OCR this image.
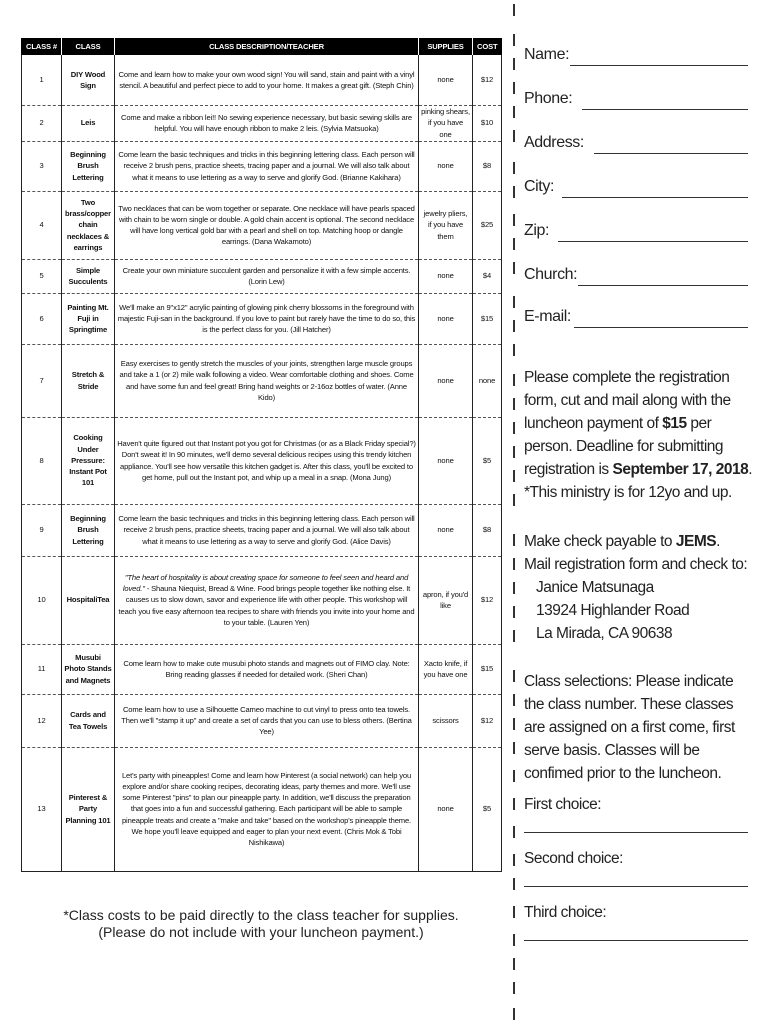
CLASS #	CLASS	CLASS DESCRIPTION/TEACHER	SUPPLIES	COST
1	DIY Wood Sign	Come and learn how to make your own wood sign! You will sand, stain and paint with a vinyl stencil. A beautiful and perfect piece to add to your home. It makes a great gift. (Steph Chin)	none	$12
2	Leis	Come and make a ribbon lei!! No sewing experience necessary, but basic sewing skills are helpful. You will have enough ribbon to make 2 leis. (Sylvia Matsuoka)	pinking shears, if you have one	$10
3	Beginning Brush Lettering	Come learn the basic techniques and tricks in this beginning lettering class. Each person will receive 2 brush pens, practice sheets, tracing paper and a journal. We will also talk about what it means to use lettering as a way to serve and glorify God. (Brianne Kakihara)	none	$8
4	Two brass/copper chain necklaces & earrings	Two necklaces that can be worn together or separate. One necklace will have pearls spaced with chain to be worn single or double. A gold chain accent is optional. The second necklace will have long vertical gold bar with a pearl and shell on top. Matching hoop or dangle earrings. (Dana Wakamoto)	jewelry pliers, if you have them	$25
5	Simple Succulents	Create your own miniature succulent garden and personalize it with a few simple accents. (Lorin Lew)	none	$4
6	Painting Mt. Fuji in Springtime	We'll make an 9"x12" acrylic painting of glowing pink cherry blossoms in the foreground with majestic Fuji-san in the background. If you love to paint but rarely have the time to do so, this is the perfect class for you. (Jill Hatcher)	none	$15
7	Stretch & Stride	Easy exercises to gently stretch the muscles of your joints, strengthen large muscle groups and take a 1 (or 2) mile walk following a video. Wear comfortable clothing and shoes. Come and have some fun and feel great! Bring hand weights or 2-16oz bottles of water. (Anne Kido)	none	none
8	Cooking Under Pressure: Instant Pot 101	Haven't quite figured out that Instant pot you got for Christmas (or as a Black Friday special?) Don't sweat it! In 90 minutes, we'll demo several delicious recipes using this trendy kitchen appliance. You'll see how versatile this kitchen gadget is. After this class, you'll be excited to get home, pull out the Instant pot, and whip up a meal in a snap. (Mona Jung)	none	$5
9	Beginning Brush Lettering	Come learn the basic techniques and tricks in this beginning lettering class. Each person will receive 2 brush pens, practice sheets, tracing paper and a journal. We will also talk about what it means to use lettering as a way to serve and glorify God. (Alice Davis)	none	$8
10	HospitaliTea	"The heart of hospitality is about creating space for someone to feel seen and heard and loved." - Shauna Niequist, Bread & Wine. Food brings people together like nothing else. It causes us to slow down, savor and experience life with other people. This workshop will teach you five easy afternoon tea recipes to share with friends you invite into your home and to your table. (Lauren Yen)	apron, if you'd like	$12
11	Musubi Photo Stands and Magnets	Come learn how to make cute musubi photo stands and magnets out of FIMO clay. Note: Bring reading glasses if needed for detailed work. (Sheri Chan)	Xacto knife, if you have one	$15
12	Cards and Tea Towels	Come learn how to use a Silhouette Cameo machine to cut vinyl to press onto tea towels. Then we'll "stamp it up" and create a set of cards that you can use to bless others. (Bertina Yee)	scissors	$12
13	Pinterest & Party Planning 101	Let's party with pineapples! Come and learn how Pinterest (a social network) can help you explore and/or share cooking recipes, decorating ideas, party themes and more. We'll use some Pinterest "pins" to plan our pineapple party. In addition, we'll discuss the preparation that goes into a fun and successful gathering. Each participant will be able to sample pineapple treats and create a "make and take" based on the workshop's pineapple theme. We hope you'll leave equipped and eager to plan your next event. (Chris Mok & Tobi Nishikawa)	none	$5
*Class costs to be paid directly to the class teacher for supplies.
(Please do not include with your luncheon payment.)
Name:
Phone:
Address:
City:
Zip:
Church:
E-mail:
Please complete the registration form, cut and mail along with the luncheon payment of $15 per person. Deadline for submitting registration is September 17, 2018.
*This ministry is for 12yo and up.
Make check payable to JEMS.
Mail registration form and check to:
Janice Matsunaga
13924 Highlander Road
La Mirada, CA 90638
Class selections: Please indicate the class number. These classes are assigned on a first come, first serve basis. Classes will be confimed prior to the luncheon.
First choice:
Second choice:
Third choice:
